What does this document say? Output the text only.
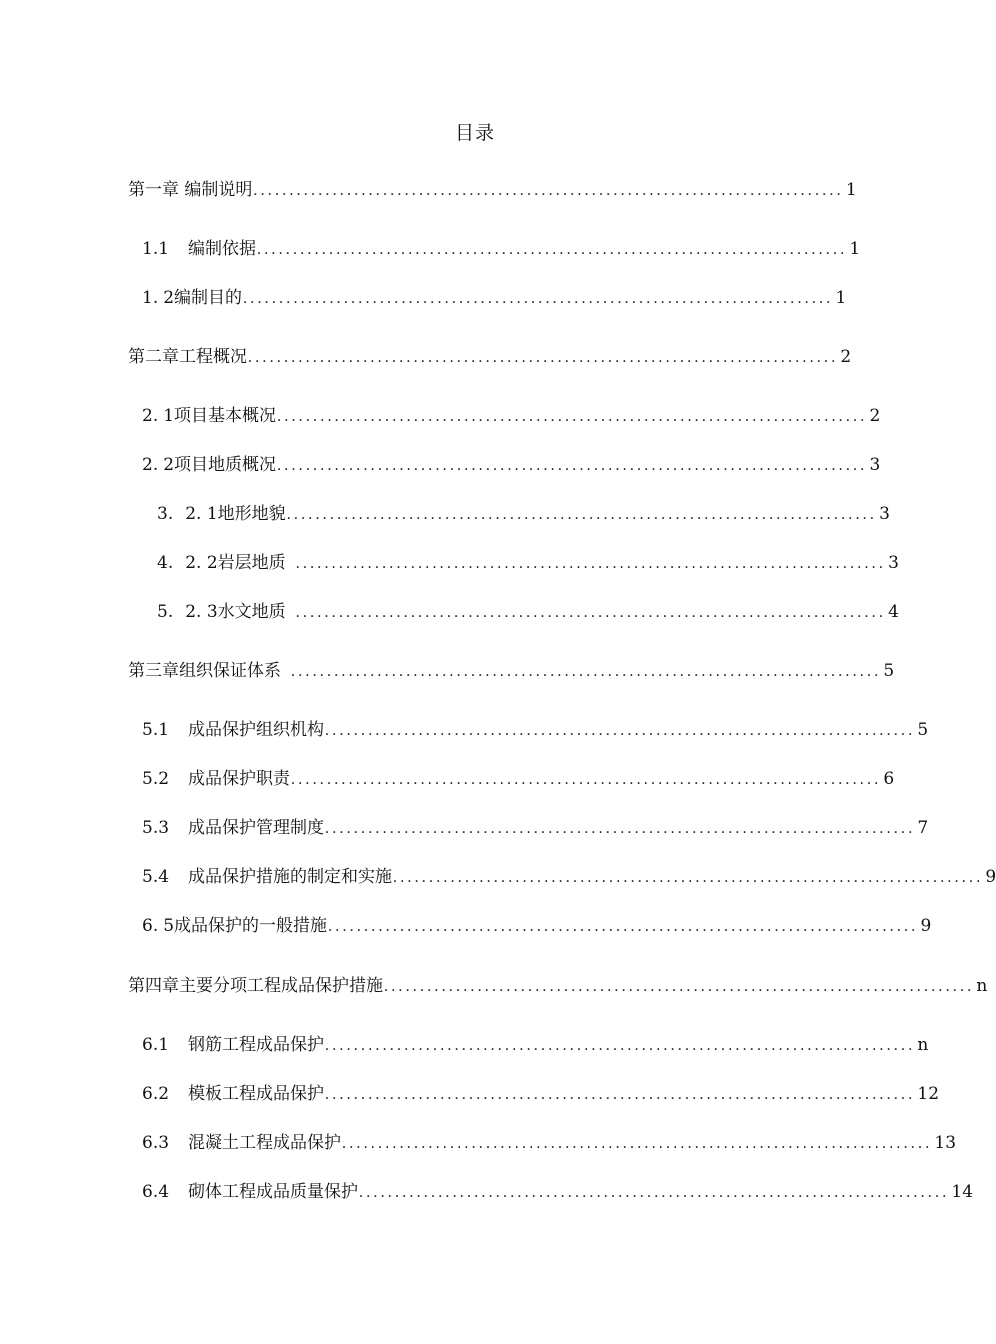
目录
第一章 编制说明 .................................................................................. 1
1.1	编制依据 .................................................................................. 1
1. 2编制目的 .................................................................................. 1
第二章工程概况 .................................................................................. 2
2. 1项目基本概况 .................................................................................. 2
2. 2项目地质概况 .................................................................................. 3
3. 2. 1地形地貌 .................................................................................. 3
4. 2. 2岩层地质 .................................................................................. 3
5. 2. 3水文地质 .................................................................................. 4
第三章组织保证体系 .................................................................................. 5
5.1	成品保护组织机构 .................................................................................. 5
5.2	成品保护职责 .................................................................................. 6
5.3	成品保护管理制度 .................................................................................. 7
5.4	成品保护措施的制定和实施 .................................................................................. 9
6. 5成品保护的一般措施 .................................................................................. 9
第四章主要分项工程成品保护措施 .................................................................................. n
6.1	钢筋工程成品保护 .................................................................................. n
6.2	模板工程成品保护 .................................................................................. 12
6.3	混凝土工程成品保护 .................................................................................. 13
6.4	砌体工程成品质量保护 .................................................................................. 14
